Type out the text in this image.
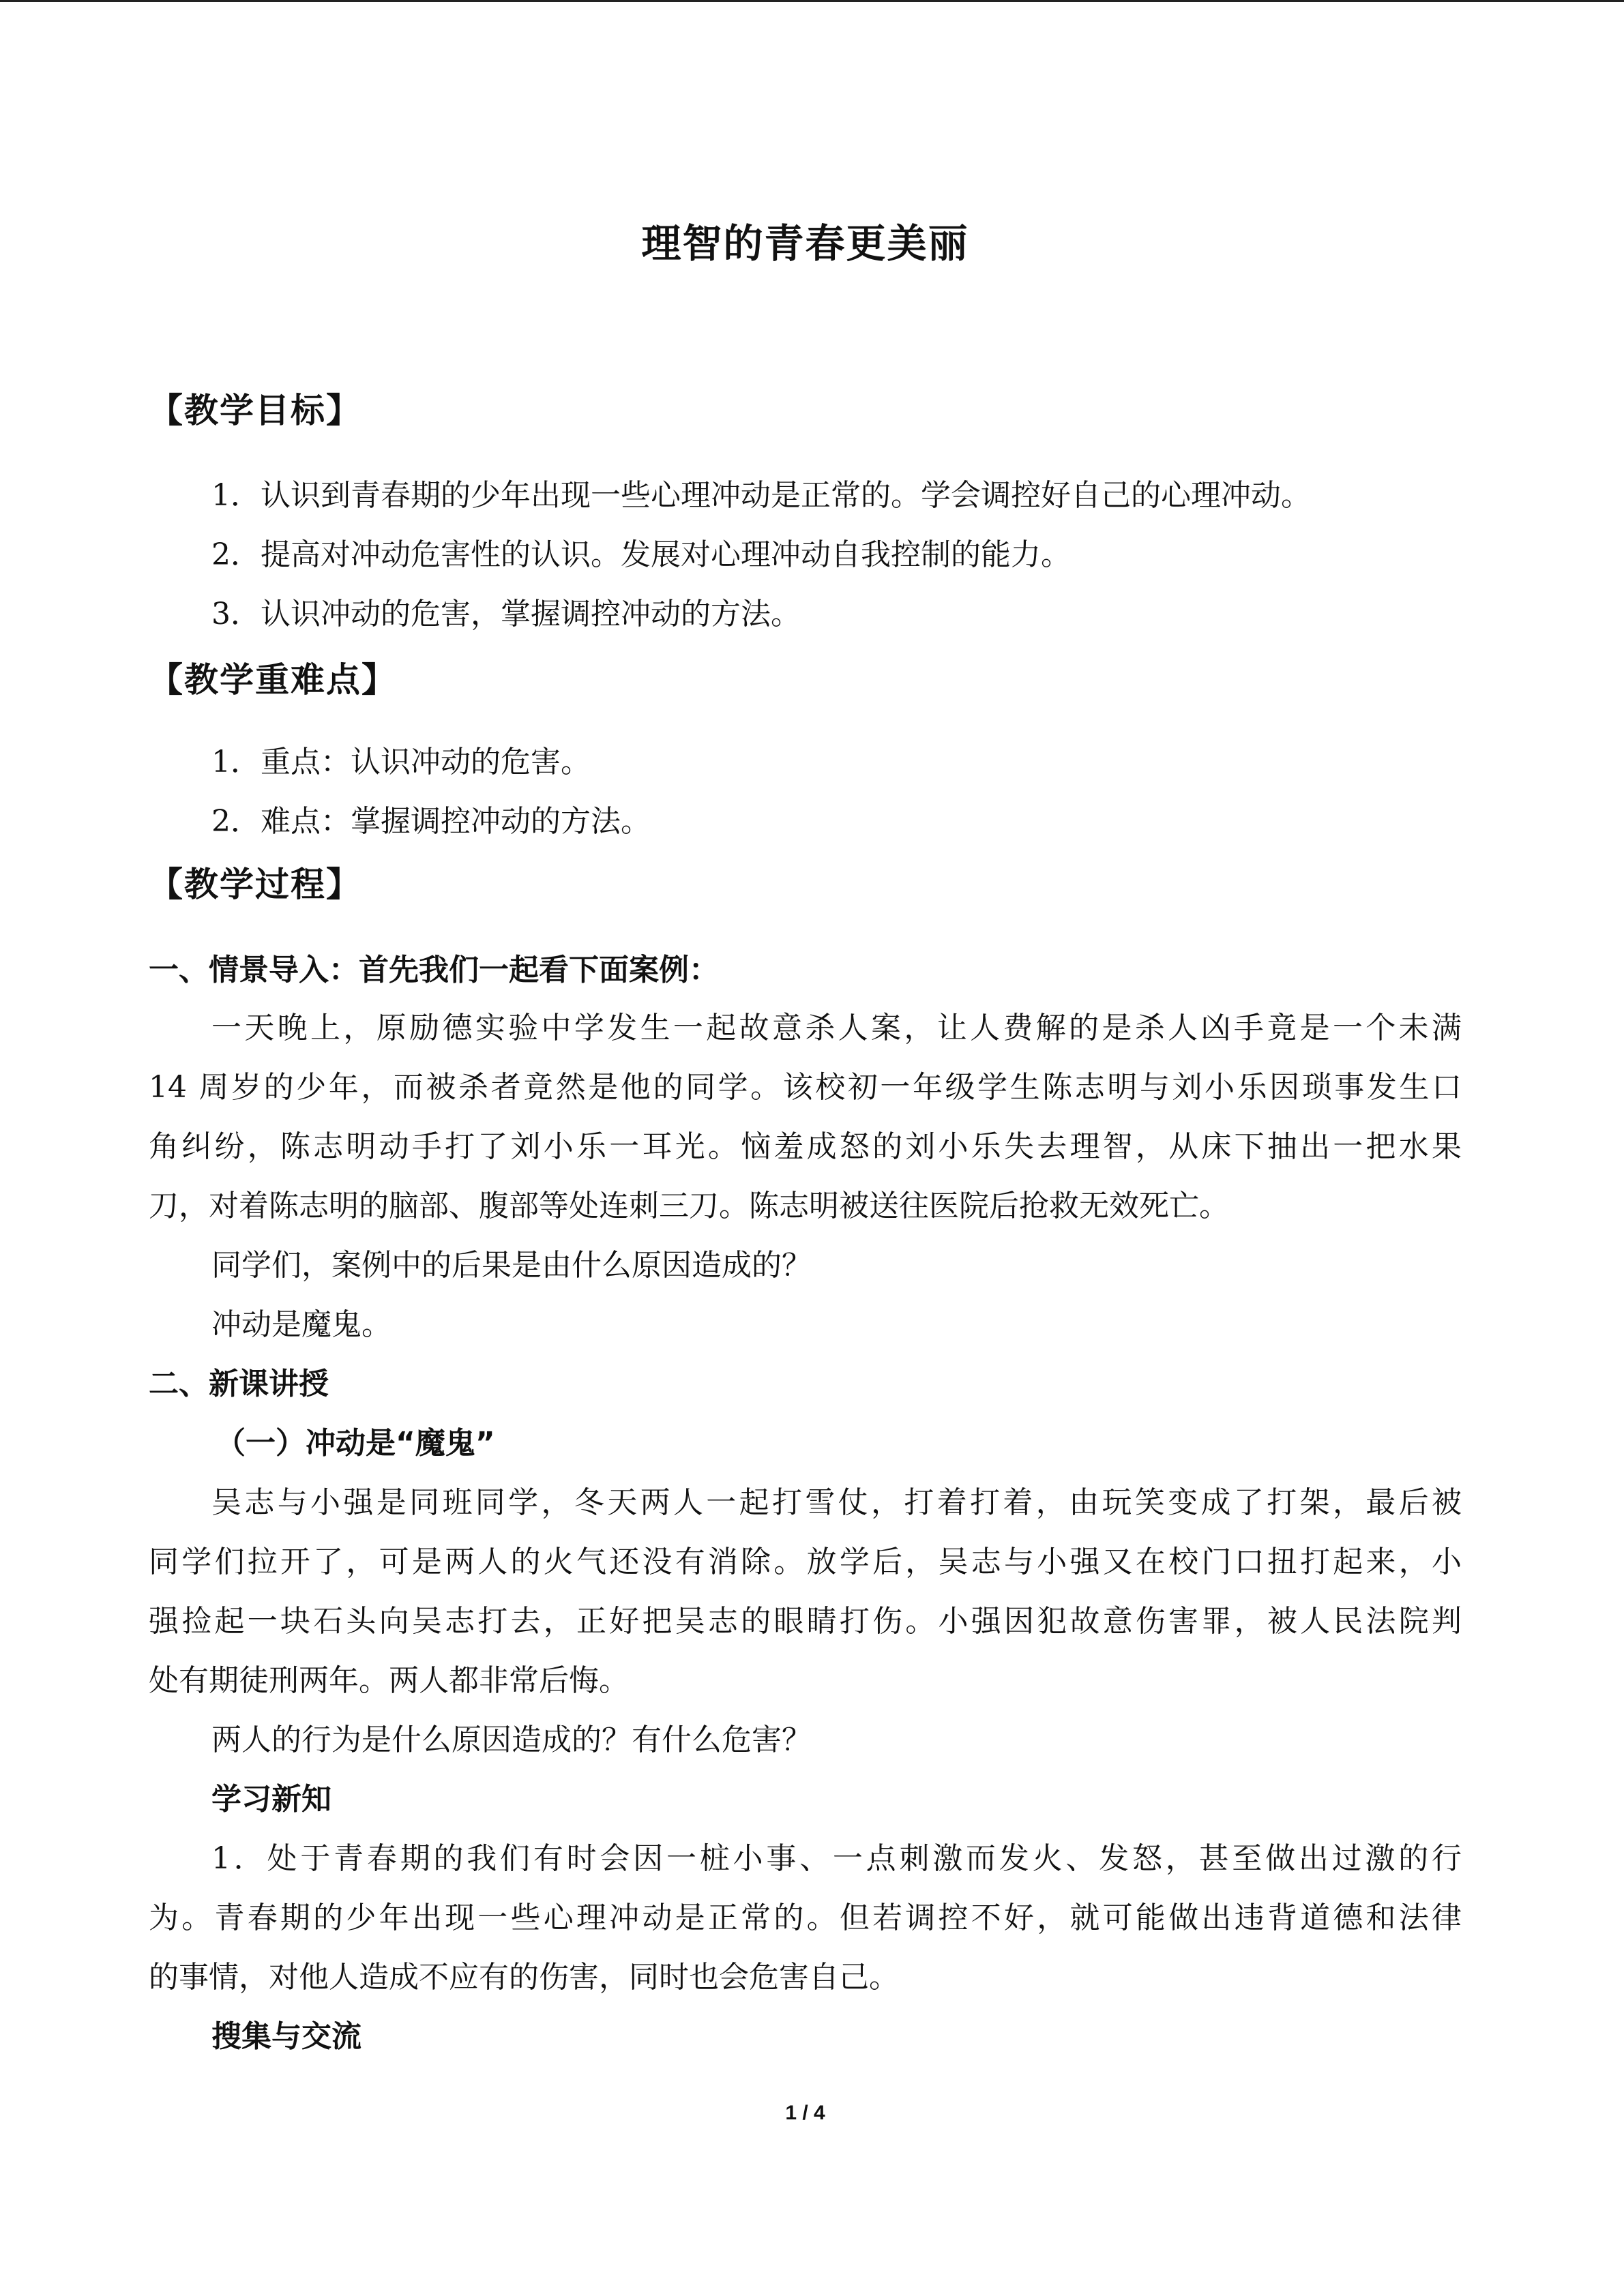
理智的青春更美丽
【教学目标】
1．认识到青春期的少年出现一些心理冲动是正常的。学会调控好自己的心理冲动。
2．提高对冲动危害性的认识。发展对心理冲动自我控制的能力。
3．认识冲动的危害，掌握调控冲动的方法。
【教学重难点】
1．重点：认识冲动的危害。
2．难点：掌握调控冲动的方法。
【教学过程】
一、情景导入：首先我们一起看下面案例：
一天晚上，原励德实验中学发生一起故意杀人案，让人费解的是杀人凶手竟是一个未满
14 周岁的少年，而被杀者竟然是他的同学。该校初一年级学生陈志明与刘小乐因琐事发生口
角纠纷，陈志明动手打了刘小乐一耳光。恼羞成怒的刘小乐失去理智，从床下抽出一把水果
刀，对着陈志明的脑部、腹部等处连刺三刀。陈志明被送往医院后抢救无效死亡。
同学们，案例中的后果是由什么原因造成的？
冲动是魔鬼。
二、新课讲授
（一）冲动是“魔鬼”
吴志与小强是同班同学，冬天两人一起打雪仗，打着打着，由玩笑变成了打架，最后被
同学们拉开了，可是两人的火气还没有消除。放学后，吴志与小强又在校门口扭打起来，小
强捡起一块石头向吴志打去，正好把吴志的眼睛打伤。小强因犯故意伤害罪，被人民法院判
处有期徒刑两年。两人都非常后悔。
两人的行为是什么原因造成的？有什么危害？
学习新知
1．处于青春期的我们有时会因一桩小事、一点刺激而发火、发怒，甚至做出过激的行
为。青春期的少年出现一些心理冲动是正常的。但若调控不好，就可能做出违背道德和法律
的事情，对他人造成不应有的伤害，同时也会危害自己。
搜集与交流
1 / 4
